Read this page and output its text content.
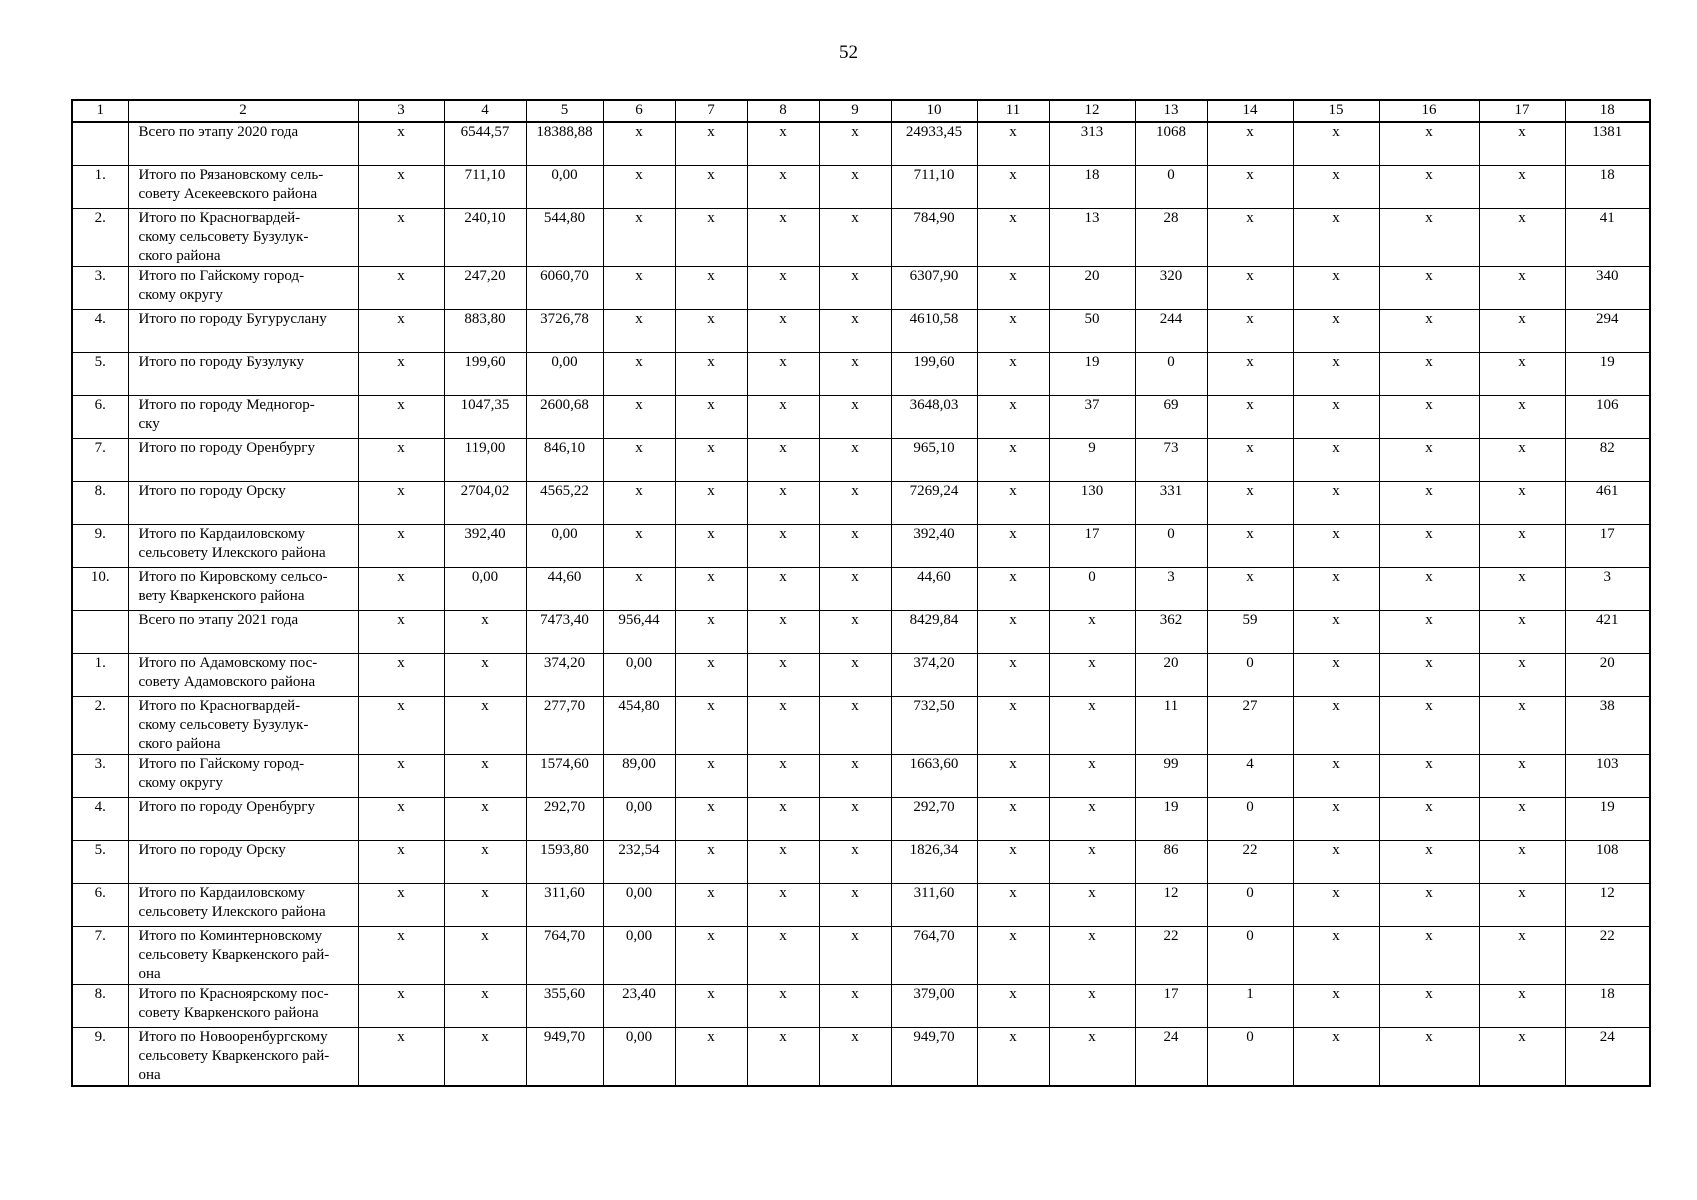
52
1	2	3	4	5	6	7	8	9	10	11	12	13	14	15	16	17	18
	Всего по этапу 2020 года	x	6544,57	18388,88	x	x	x	x	24933,45	x	313	1068	x	x	x	x	1381
1.	Итого по Рязановскому сель-
совету Асекеевского района	x	711,10	0,00	x	x	x	x	711,10	x	18	0	x	x	x	x	18
2.	Итого по Красногвардей-
скому сельсовету Бузулук-
ского района	x	240,10	544,80	x	x	x	x	784,90	x	13	28	x	x	x	x	41
3.	Итого по Гайскому город-
скому округу	x	247,20	6060,70	x	x	x	x	6307,90	x	20	320	x	x	x	x	340
4.	Итого по городу Бугуруслану	x	883,80	3726,78	x	x	x	x	4610,58	x	50	244	x	x	x	x	294
5.	Итого по городу Бузулуку	x	199,60	0,00	x	x	x	x	199,60	x	19	0	x	x	x	x	19
6.	Итого по городу Медногор-
ску	x	1047,35	2600,68	x	x	x	x	3648,03	x	37	69	x	x	x	x	106
7.	Итого по городу Оренбургу	x	119,00	846,10	x	x	x	x	965,10	x	9	73	x	x	x	x	82
8.	Итого по городу Орску	x	2704,02	4565,22	x	x	x	x	7269,24	x	130	331	x	x	x	x	461
9.	Итого по Кардаиловскому
сельсовету Илекского района	x	392,40	0,00	x	x	x	x	392,40	x	17	0	x	x	x	x	17
10.	Итого по Кировскому сельсо-
вету Кваркенского района	x	0,00	44,60	x	x	x	x	44,60	x	0	3	x	x	x	x	3
	Всего по этапу 2021 года	x	x	7473,40	956,44	x	x	x	8429,84	x	x	362	59	x	x	x	421
1.	Итого по Адамовскому пос-
совету Адамовского района	x	x	374,20	0,00	x	x	x	374,20	x	x	20	0	x	x	x	20
2.	Итого по Красногвардей-
скому сельсовету Бузулук-
ского района	x	x	277,70	454,80	x	x	x	732,50	x	x	11	27	x	x	x	38
3.	Итого по Гайскому город-
скому округу	x	x	1574,60	89,00	x	x	x	1663,60	x	x	99	4	x	x	x	103
4.	Итого по городу Оренбургу	x	x	292,70	0,00	x	x	x	292,70	x	x	19	0	x	x	x	19
5.	Итого по городу Орску	x	x	1593,80	232,54	x	x	x	1826,34	x	x	86	22	x	x	x	108
6.	Итого по Кардаиловскому
сельсовету Илекского района	x	x	311,60	0,00	x	x	x	311,60	x	x	12	0	x	x	x	12
7.	Итого по Коминтерновскому
сельсовету Кваркенского рай-
она	x	x	764,70	0,00	x	x	x	764,70	x	x	22	0	x	x	x	22
8.	Итого по Красноярскому пос-
совету Кваркенского района	x	x	355,60	23,40	x	x	x	379,00	x	x	17	1	x	x	x	18
9.	Итого по Новооренбургскому
сельсовету Кваркенского рай-
она	x	x	949,70	0,00	x	x	x	949,70	x	x	24	0	x	x	x	24
